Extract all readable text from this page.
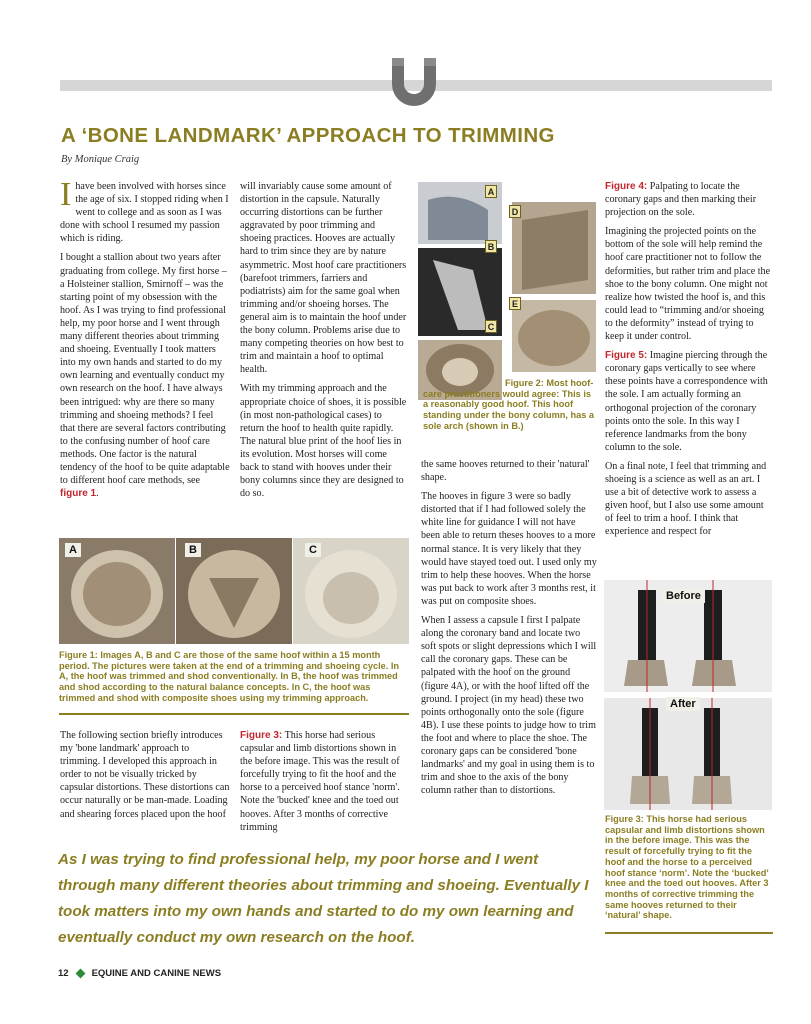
A ‘BONE LANDMARK’ APPROACH TO TRIMMING
By Monique Craig

Ihave been involved with horses since the age of six. I stopped riding when I went to college and as soon as I was done with school I resumed my passion which is riding.

I bought a stallion about two years after graduating from college. My first horse – a Holsteiner stallion, Smirnoff – was the starting point of my obsession with the hoof. As I was trying to find professional help, my poor horse and I went through many different theories about trimming and shoeing. Eventually I took matters into my own hands and started to do my own learning and eventually conduct my own research on the hoof. I have always been intrigued: why are there so many trimming and shoeing methods? I feel that there are several factors contributing to the confusing number of hoof care methods. One factor is the natural tendency of the hoof to be quite adaptable to different hoof care methods, see figure 1.

The following section briefly introduces my 'bone landmark' approach to trimming. I developed this approach in order to not be visually tricked by capsular distortions. These distortions can occur naturally or be man-made. Loading and shearing forces placed upon the hoof

will invariably cause some amount of distortion in the capsule. Naturally occurring distortions can be further aggravated by poor trimming and shoeing practices. Hooves are actually hard to trim since they are by nature asymmetric. Most hoof care practitioners (barefoot trimmers, farriers and podiatrists) aim for the same goal when trimming and/or shoeing horses. The general aim is to maintain the hoof under the bony column. Problems arise due to many competing theories on how best to trim and maintain a hoof to optimal health.

With my trimming approach and the appropriate choice of shoes, it is possible (in most non-pathological cases) to return the hoof to health quite rapidly. The natural blue print of the hoof lies in its evolution. Most horses will come back to stand with hooves under their bony columns since they are designed to do so.

Figure 3: This horse had serious capsular and limb distortions shown in the before image. This was the result of forcefully trying to fit the hoof and the horse to a perceived hoof stance 'norm'. Note the 'bucked' knee and the toed out hooves. After 3 months of corrective trimming

A
B
C
D
E
Figure 2: Most hoof-care practitioners would agree: This is a reasonably good hoof. This hoof standing under the bony column, has a sole arch (shown in B.)

the same hooves returned to their 'natural' shape.

The hooves in figure 3 were so badly distorted that if I had followed solely the white line for guidance I will not have been able to return theses hooves to a more normal stance. It is very likely that they would have stayed toed out. I used only my trim to help these hooves. When the horse was put back to work after 3 months rest, it was put on composite shoes.

When I assess a capsule I first I palpate along the coronary band and locate two soft spots or slight depressions which I will call the coronary gaps. These can be palpated with the hoof on the ground (figure 4A), or with the hoof lifted off the ground. I project (in my head) these two points orthogonally onto the sole (figure 4B). I use these points to judge how to trim the foot and where to place the shoe. The coronary gaps can be considered 'bone landmarks' and my goal in using them is to trim and shoe to the axis of the bony column rather than to distortions.

Figure 4: Palpating to locate the coronary gaps and then marking their projection on the sole.

Imagining the projected points on the bottom of the sole will help remind the hoof care practitioner not to follow the deformities, but rather trim and place the shoe to the bony column. One might not realize how twisted the hoof is, and this could lead to “trimming and/or shoeing to the deformity” instead of trying to keep it under control.

Figure 5: Imagine piercing through the coronary gaps vertically to see where these points have a correspondence with the sole. I am actually forming an orthogonal projection of the coronary points onto the sole. In this way I reference landmarks from the bony column to the sole.

On a final note, I feel that trimming and shoeing is a science as well as an art. I use a bit of detective work to assess a given hoof, but I also use some amount of feel to trim a hoof. I think that experience and respect for

Before
After
Figure 3: This horse had serious capsular and limb distortions shown in the before image. This was the result of forcefully trying to fit the hoof and the horse to a perceived hoof stance ‘norm’. Note the ‘bucked’ knee and the toed out hooves. After 3 months of corrective trimming the same hooves returned to their ‘natural’ shape.
A	B	C
Figure 1: Images A, B and C are those of the same hoof within a 15 month period. The pictures were taken at the end of a trimming and shoeing cycle. In A, the hoof was trimmed and shod conventionally. In B, the hoof was trimmed and shod according to the natural balance concepts. In C, the hoof was trimmed and shod with composite shoes using my trimming approach.
As I was trying to find professional help, my poor horse and I went through many different theories about trimming and shoeing. Eventually I took matters into my own hands and started to do my own learning and eventually conduct my own research on the hoof.
12 EQUINE AND CANINE NEWS
